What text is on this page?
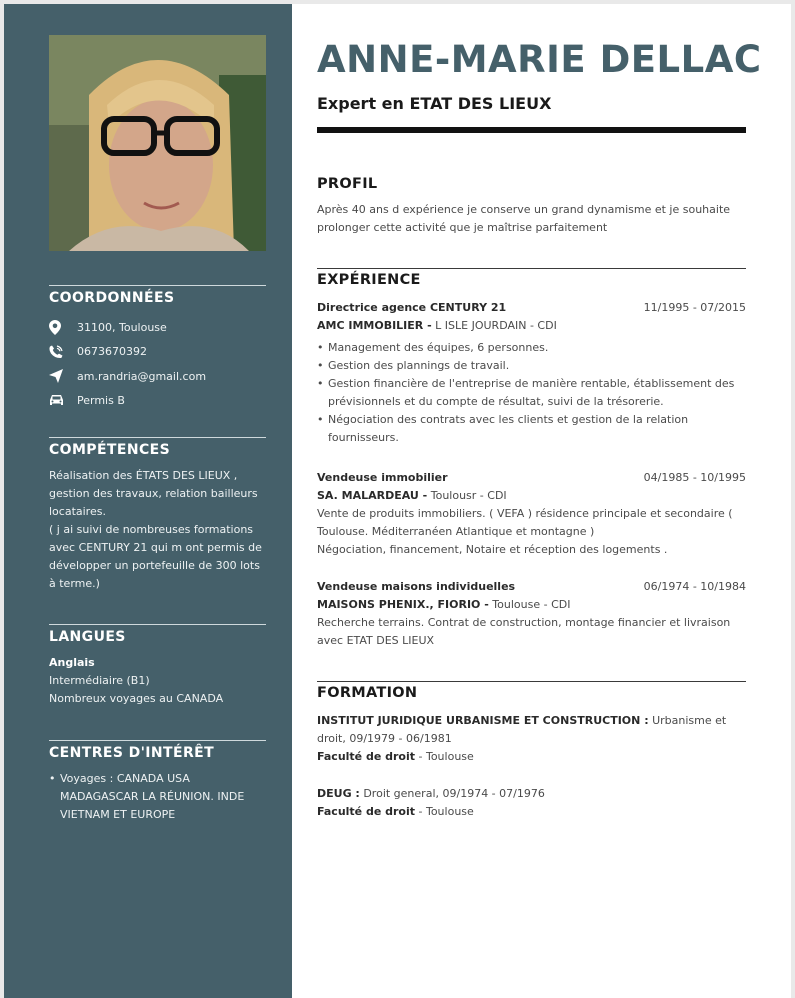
COORDONNÉES
31100, Toulouse
0673670392
am.randria@gmail.com
Permis B
COMPÉTENCES
Réalisation des ÉTATS DES LIEUX , gestion des travaux, relation bailleurs locataires.
( j ai suivi de nombreuses formations avec CENTURY 21 qui m ont permis de développer un portefeuille de 300 lots à terme.)
LANGUES
Anglais
Intermédiaire (B1)
Nombreux voyages au CANADA
CENTRES D'INTÉRÊT
• Voyages : CANADA USA MADAGASCAR LA RÉUNION. INDE VIETNAM ET EUROPE
ANNE-MARIE DELLAC
Expert en ETAT DES LIEUX
PROFIL
Après 40 ans d expérience je conserve un grand dynamisme et je souhaite prolonger cette activité que je maîtrise parfaitement
EXPÉRIENCE
Directrice agence CENTURY 21	11/1995 - 07/2015
AMC IMMOBILIER - L ISLE JOURDAIN - CDI
• Management des équipes, 6 personnes.
• Gestion des plannings de travail.
• Gestion financière de l'entreprise de manière rentable, établissement des prévisionnels et du compte de résultat, suivi de la trésorerie.
• Négociation des contrats avec les clients et gestion de la relation fournisseurs.
Vendeuse immobilier	04/1985 - 10/1995
SA. MALARDEAU - Toulousr - CDI
Vente de produits immobiliers. ( VEFA ) résidence principale et secondaire ( Toulouse. Méditerranéen Atlantique et montagne )
Négociation, financement, Notaire et réception des logements .
Vendeuse maisons individuelles	06/1974 - 10/1984
MAISONS PHENIX., FIORIO - Toulouse - CDI
Recherche terrains. Contrat de construction, montage financier et livraison avec ETAT DES LIEUX
FORMATION
INSTITUT JURIDIQUE URBANISME ET CONSTRUCTION : Urbanisme et droit, 09/1979 - 06/1981
Faculté de droit - Toulouse
DEUG : Droit general, 09/1974 - 07/1976
Faculté de droit - Toulouse
